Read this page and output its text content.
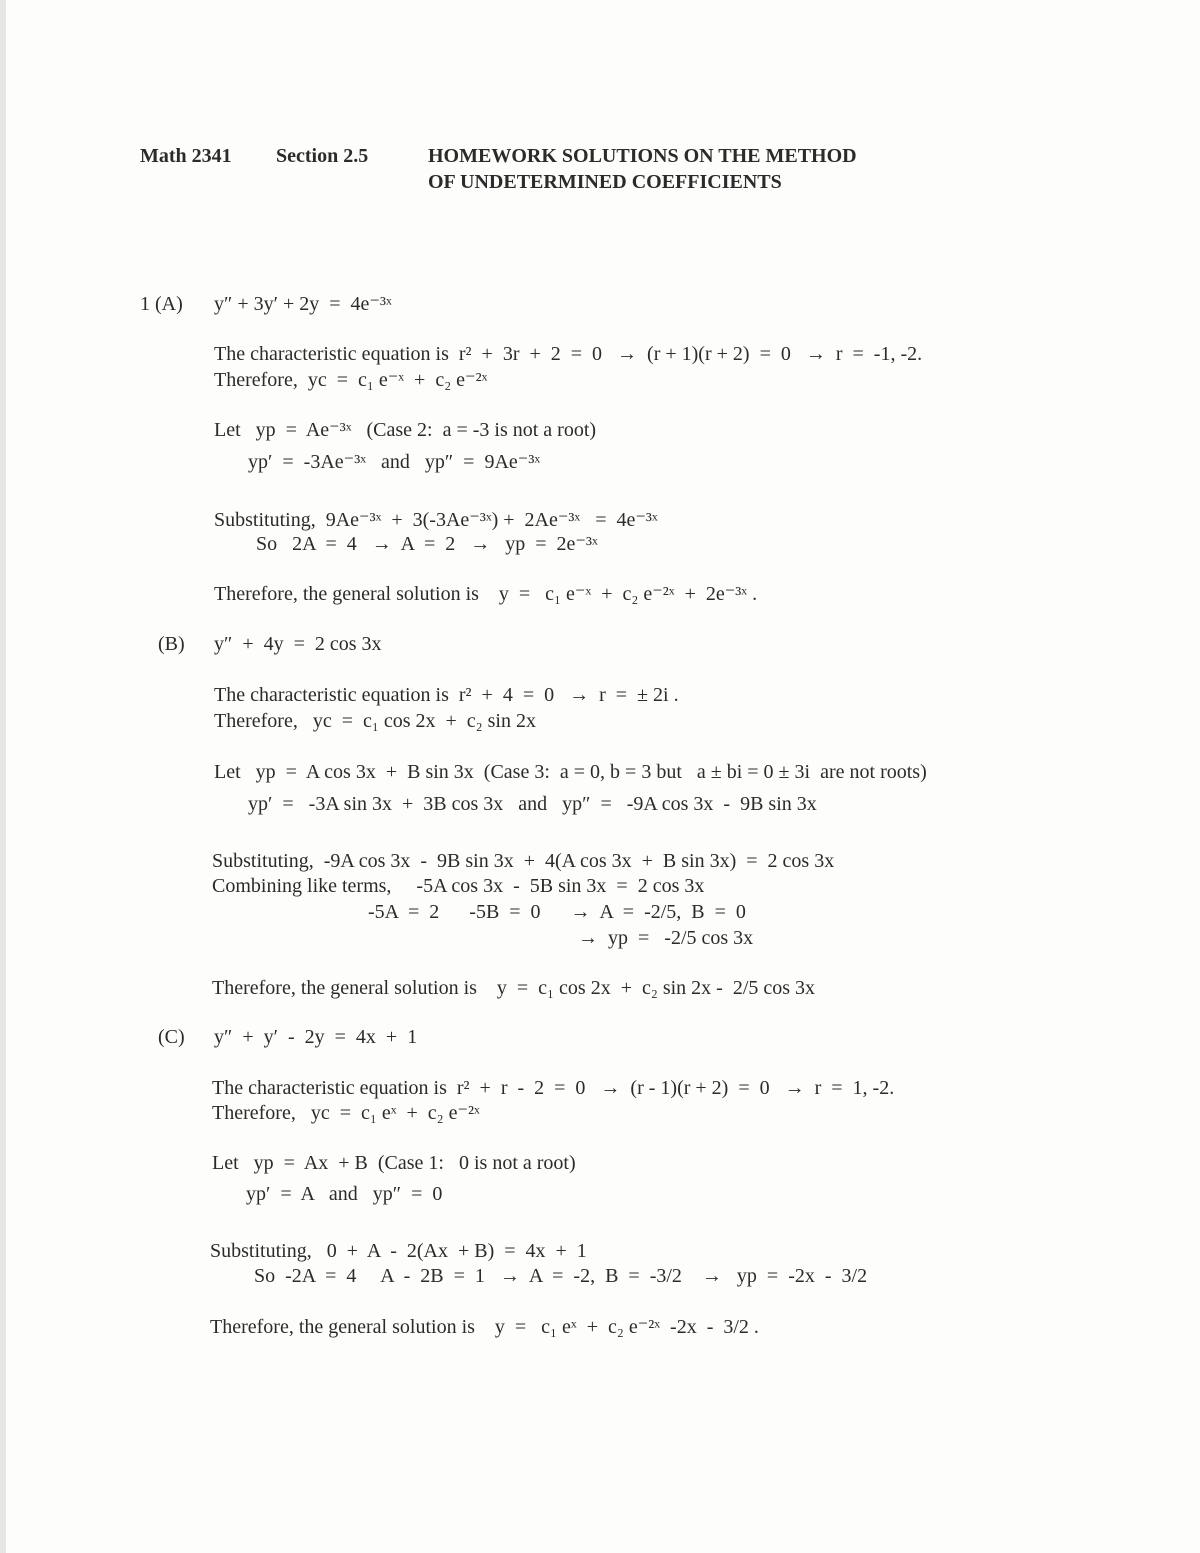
Math 2341 Section 2.5	HOMEWORK SOLUTIONS ON THE METHOD
OF UNDETERMINED COEFFICIENTS
1 (A) y″ + 3y′ + 2y  =  4e⁻³ˣ
The characteristic equation is  r²  +  3r  +  2  =  0   →  (r + 1)(r + 2)  =  0   →  r  =  -1, -2.
Therefore,  yc  =  c₁ e⁻ˣ  +  c₂ e⁻²ˣ
Let   yp  =  Ae⁻³ˣ   (Case 2:  a = -3 is not a root)
yp′  =  -3Ae⁻³ˣ   and   yp″  =  9Ae⁻³ˣ
Substituting,  9Ae⁻³ˣ  +  3(-3Ae⁻³ˣ) +  2Ae⁻³ˣ   =  4e⁻³ˣ
So   2A  =  4   →  A  =  2   →   yp  =  2e⁻³ˣ
Therefore, the general solution is    y  =   c₁ e⁻ˣ  +  c₂ e⁻²ˣ  +  2e⁻³ˣ .
(B) y″  +  4y  =  2 cos 3x
The characteristic equation is  r²  +  4  =  0   →  r  =  ± 2i .
Therefore,   yc  =  c₁ cos 2x  +  c₂ sin 2x
Let   yp  =  A cos 3x  +  B sin 3x  (Case 3:  a = 0, b = 3 but   a ± bi = 0 ± 3i  are not roots)
yp′  =   -3A sin 3x  +  3B cos 3x   and   yp″  =   -9A cos 3x  -  9B sin 3x
Substituting,  -9A cos 3x  -  9B sin 3x  +  4(A cos 3x  +  B sin 3x)  =  2 cos 3x
Combining like terms,     -5A cos 3x  -  5B sin 3x  =  2 cos 3x
-5A  =  2      -5B  =  0      →  A  =  -2/5,  B  =  0
→  yp  =   -2/5 cos 3x
Therefore, the general solution is    y  =  c₁ cos 2x  +  c₂ sin 2x -  2/5 cos 3x
(C) y″  +  y′  -  2y  =  4x  +  1
The characteristic equation is  r²  +  r  -  2  =  0   →  (r - 1)(r + 2)  =  0   →  r  =  1, -2.
Therefore,   yc  =  c₁ eˣ  +  c₂ e⁻²ˣ
Let   yp  =  Ax  + B  (Case 1:   0 is not a root)
yp′  =  A   and   yp″  =  0
Substituting,   0  +  A  -  2(Ax  + B)  =  4x  +  1
So  -2A  =  4     A  -  2B  =  1   →  A  =  -2,  B  =  -3/2    →   yp  =  -2x  -  3/2
Therefore, the general solution is    y  =   c₁ eˣ  +  c₂ e⁻²ˣ  -2x  -  3/2 .
